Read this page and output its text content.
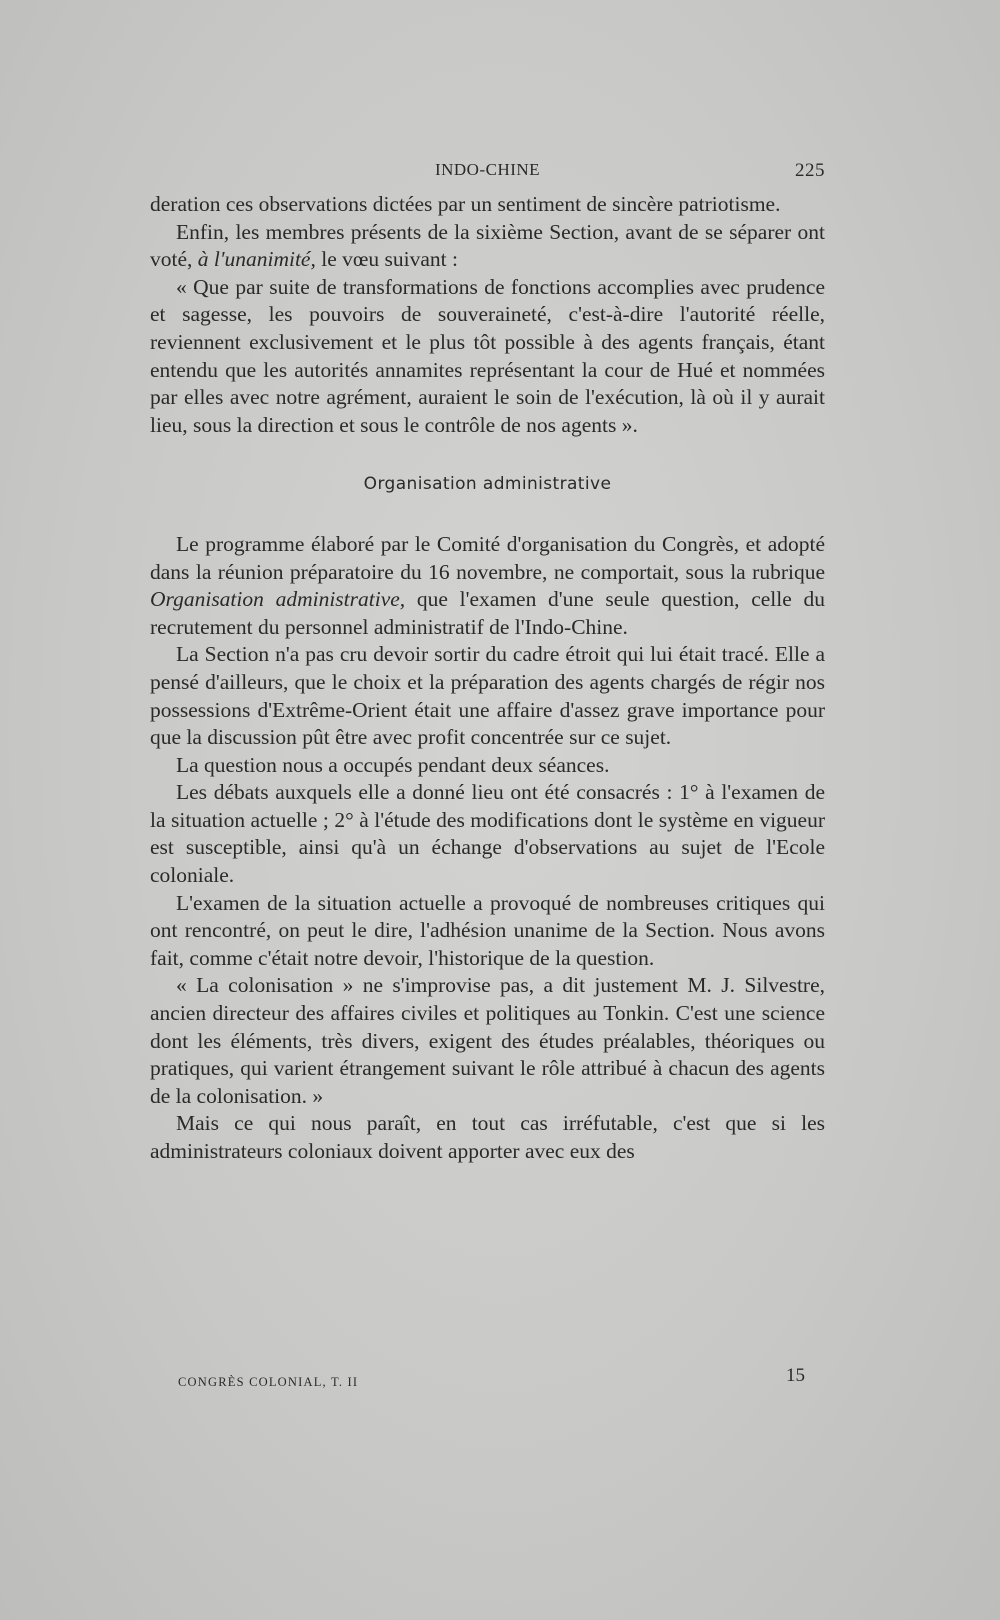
INDO-CHINE	225

deration ces observations dictées par un sentiment de sincère patriotisme.

Enfin, les membres présents de la sixième Section, avant de se séparer ont voté, à l'unanimité, le vœu suivant :

« Que par suite de transformations de fonctions accomplies avec prudence et sagesse, les pouvoirs de souveraineté, c'est-à-dire l'autorité réelle, reviennent exclusivement et le plus tôt possible à des agents français, étant entendu que les autorités annamites représentant la cour de Hué et nommées par elles avec notre agrément, auraient le soin de l'exécution, là où il y aurait lieu, sous la direction et sous le contrôle de nos agents ».

Organisation administrative

Le programme élaboré par le Comité d'organisation du Congrès, et adopté dans la réunion préparatoire du 16 novembre, ne comportait, sous la rubrique Organisation administrative, que l'examen d'une seule question, celle du recrutement du personnel administratif de l'Indo-Chine.

La Section n'a pas cru devoir sortir du cadre étroit qui lui était tracé. Elle a pensé d'ailleurs, que le choix et la préparation des agents chargés de régir nos possessions d'Extrême-Orient était une affaire d'assez grave importance pour que la discussion pût être avec profit concentrée sur ce sujet.

La question nous a occupés pendant deux séances.

Les débats auxquels elle a donné lieu ont été consacrés : 1° à l'examen de la situation actuelle ; 2° à l'étude des modifications dont le système en vigueur est susceptible, ainsi qu'à un échange d'observations au sujet de l'Ecole coloniale.

L'examen de la situation actuelle a provoqué de nombreuses critiques qui ont rencontré, on peut le dire, l'adhésion unanime de la Section. Nous avons fait, comme c'était notre devoir, l'historique de la question.

« La colonisation » ne s'improvise pas, a dit justement M. J. Silvestre, ancien directeur des affaires civiles et politiques au Tonkin. C'est une science dont les éléments, très divers, exigent des études préalables, théoriques ou pratiques, qui varient étrangement suivant le rôle attribué à chacun des agents de la colonisation. »

Mais ce qui nous paraît, en tout cas irréfutable, c'est que si les administrateurs coloniaux doivent apporter avec eux des

CONGRÈS COLONIAL, T. II	15
